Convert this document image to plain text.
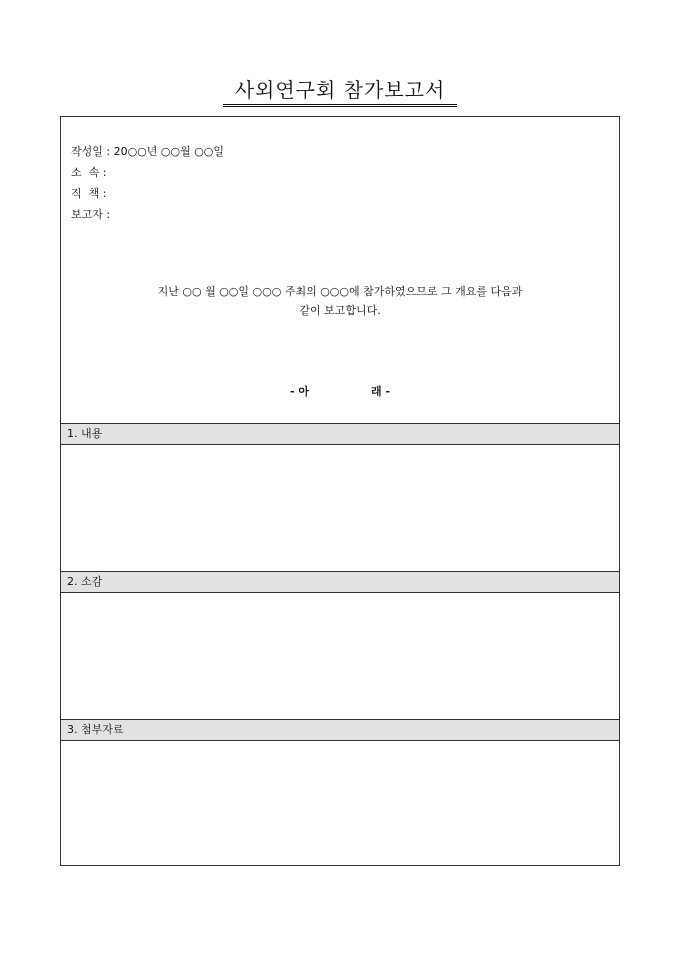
사외연구회 참가보고서
작성일 : 20○○년 ○○월 ○○일
소  속 :
직  책 :
보고자 :
지난 ○○ 월 ○○일 ○○○ 주최의 ○○○에 참가하였으므로 그 개요를 다음과
같이 보고합니다.
- 아	래 -
1. 내용
2. 소감
3. 첨부자료
